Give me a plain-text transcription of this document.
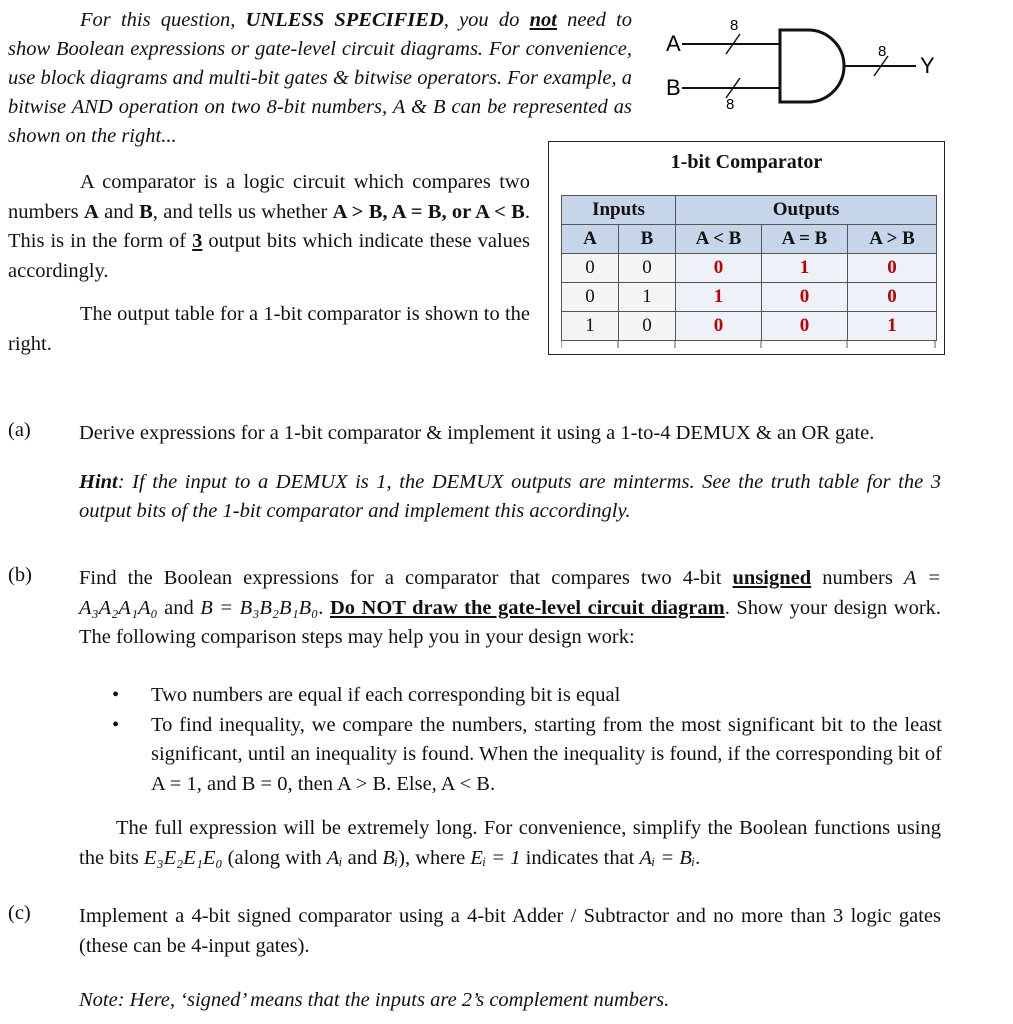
For this question, UNLESS SPECIFIED, you do not need to show Boolean expressions or gate-level circuit diagrams. For convenience, use block diagrams and multi-bit gates & bitwise operators. For example, a bitwise AND operation on two 8-bit numbers, A & B can be represented as shown on the right...
A
B
8
8
8
Y

A comparator is a logic circuit which compares two numbers A and B, and tells us whether A > B, A = B, or A < B. This is in the form of 3 output bits which indicate these values accordingly.

The output table for a 1-bit comparator is shown to the right.

1-bit Comparator
Inputs		Outputs		
A	B	A < B	A = B	A > B
0	0	0	1	0
0	1	1	0	0
1	0	0	0	1
(a) Derive expressions for a 1-bit comparator & implement it using a 1-to-4 DEMUX & an OR gate.

Hint: If the input to a DEMUX is 1, the DEMUX outputs are minterms. See the truth table for the 3 output bits of the 1-bit comparator and implement this accordingly.

(b) Find the Boolean expressions for a comparator that compares two 4-bit unsigned numbers A = A₃A₂A₁A₀ and B = B₃B₂B₁B₀. Do NOT draw the gate-level circuit diagram. Show your design work. The following comparison steps may help you in your design work:

• Two numbers are equal if each corresponding bit is equal
• To find inequality, we compare the numbers, starting from the most significant bit to the least significant, until an inequality is found. When the inequality is found, if the corresponding bit of A = 1, and B = 0, then A > B. Else, A < B.

The full expression will be extremely long. For convenience, simplify the Boolean functions using the bits E₃E₂E₁E₀ (along with Aᵢ and Bᵢ), where Eᵢ = 1 indicates that Aᵢ = Bᵢ.

(c) Implement a 4-bit signed comparator using a 4-bit Adder / Subtractor and no more than 3 logic gates (these can be 4-input gates).

Note: Here, ‘signed’ means that the inputs are 2’s complement numbers.
